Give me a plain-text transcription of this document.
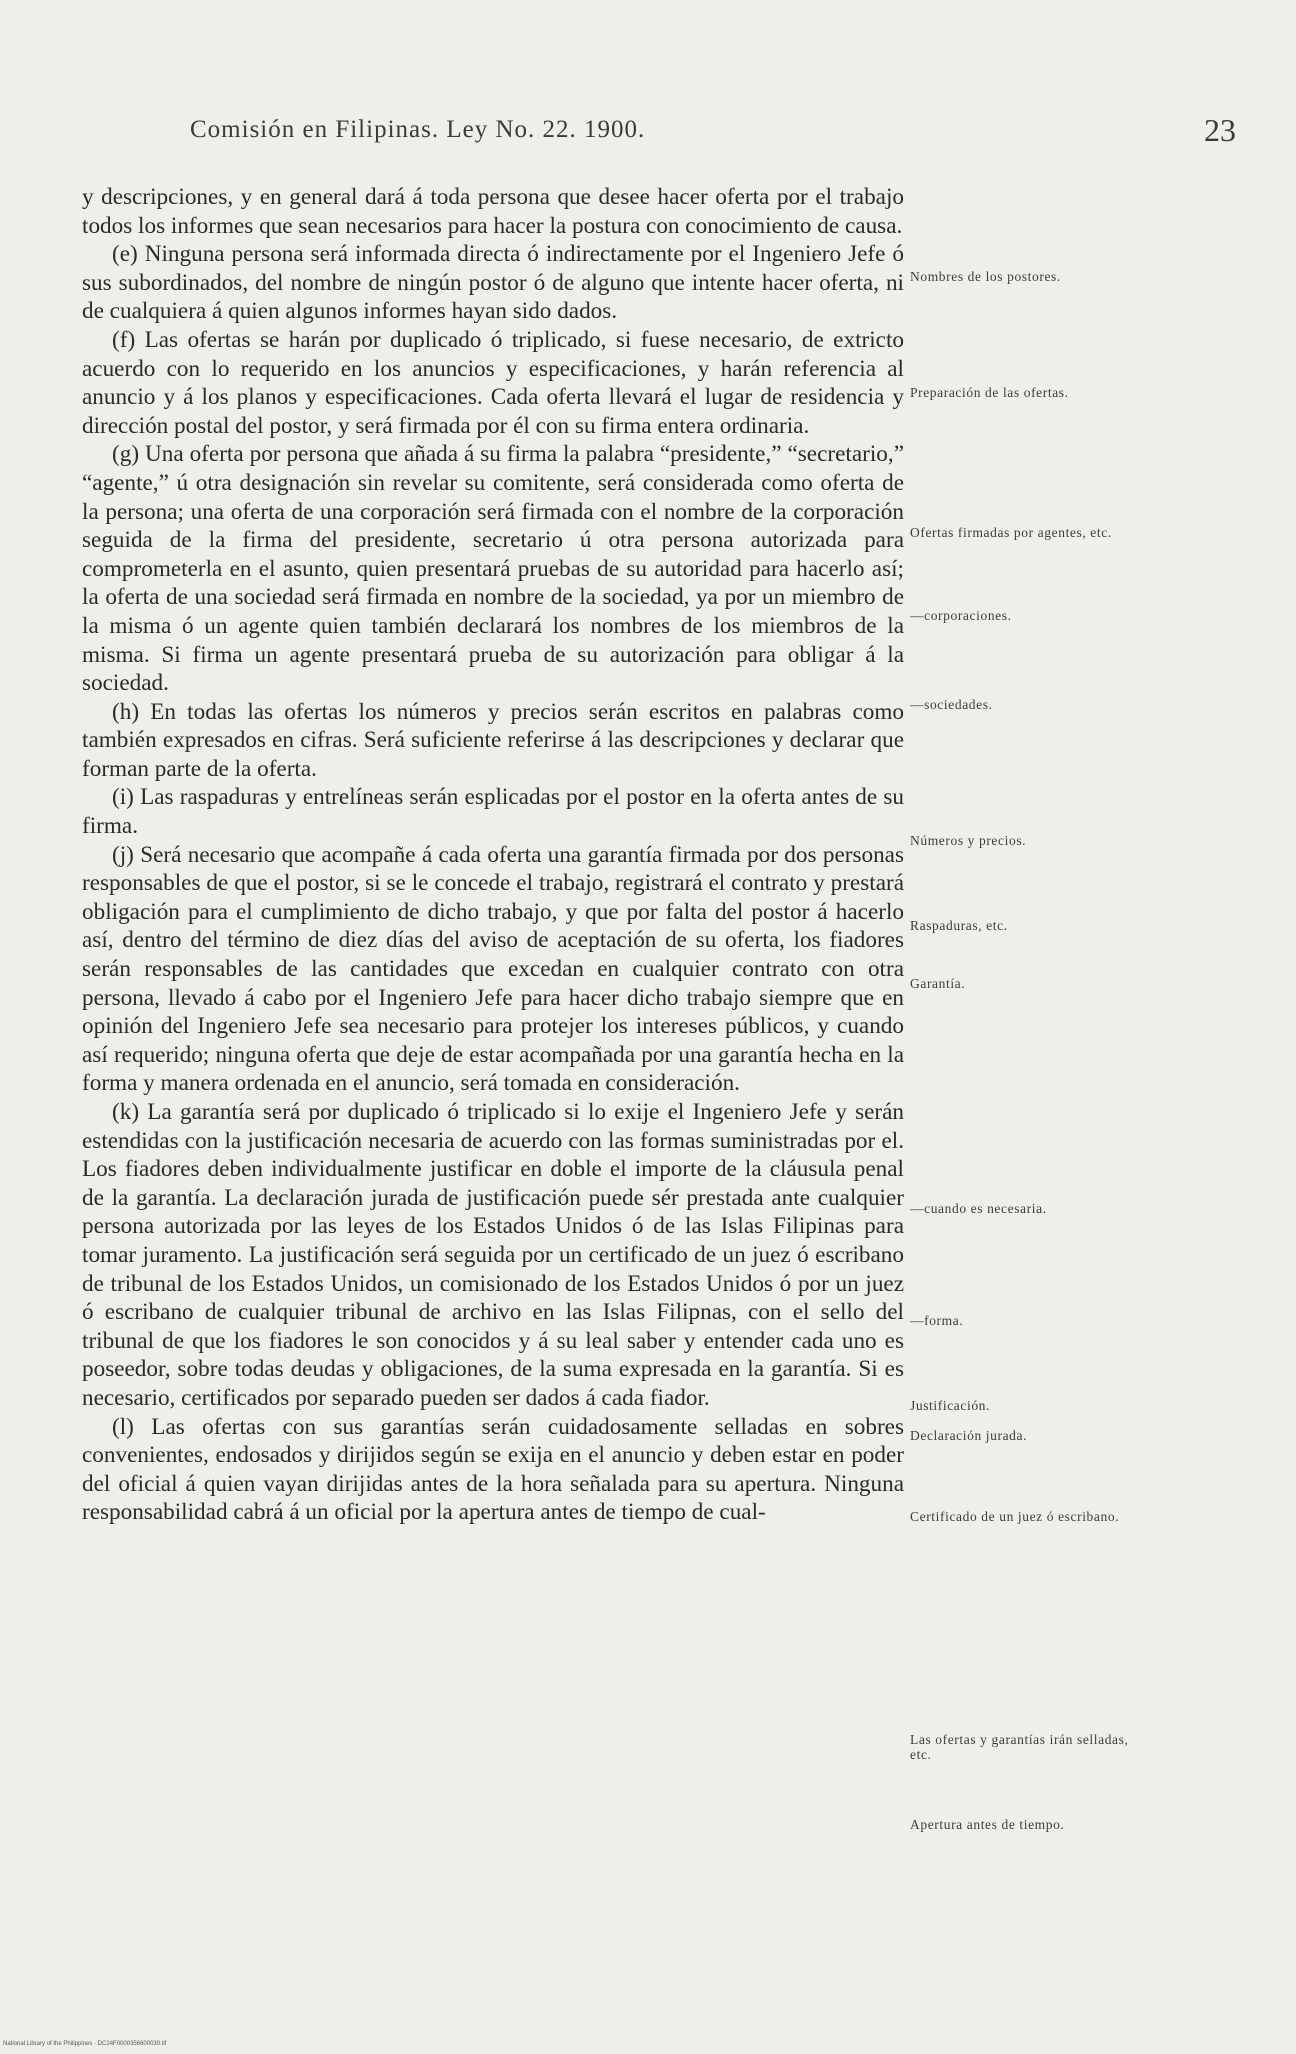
Comisión en Filipinas. Ley No. 22. 1900.	23

y descripciones, y en general dará á toda persona que desee hacer oferta por el trabajo todos los informes que sean necesarios para hacer la postura con conocimiento de causa.

(e) Ninguna persona será informada directa ó indirectamente por el Ingeniero Jefe ó sus subordinados, del nombre de ningún postor ó de alguno que intente hacer oferta, ni de cualquiera á quien algunos informes hayan sido dados.

(f) Las ofertas se harán por duplicado ó triplicado, si fuese necesario, de extricto acuerdo con lo requerido en los anuncios y especificaciones, y harán referencia al anuncio y á los planos y especificaciones. Cada oferta llevará el lugar de residencia y dirección postal del postor, y será firmada por él con su firma entera ordinaria.

(g) Una oferta por persona que añada á su firma la palabra “presidente,” “secretario,” “agente,” ú otra designación sin revelar su comitente, será considerada como oferta de la persona; una oferta de una corporación será firmada con el nombre de la corporación seguida de la firma del presidente, secretario ú otra persona autorizada para comprometerla en el asunto, quien presentará pruebas de su autoridad para hacerlo así; la oferta de una sociedad será firmada en nombre de la sociedad, ya por un miembro de la misma ó un agente quien también declarará los nombres de los miembros de la misma. Si firma un agente presentará prueba de su autorización para obligar á la sociedad.

(h) En todas las ofertas los números y precios serán escritos en palabras como también expresados en cifras. Será suficiente referirse á las descripciones y declarar que forman parte de la oferta.

(i) Las raspaduras y entrelíneas serán esplicadas por el postor en la oferta antes de su firma.

(j) Será necesario que acompañe á cada oferta una garantía firmada por dos personas responsables de que el postor, si se le concede el trabajo, registrará el contrato y prestará obligación para el cumplimiento de dicho trabajo, y que por falta del postor á hacerlo así, dentro del término de diez días del aviso de aceptación de su oferta, los fiadores serán responsables de las cantidades que excedan en cualquier contrato con otra persona, llevado á cabo por el Ingeniero Jefe para hacer dicho trabajo siempre que en opinión del Ingeniero Jefe sea necesario para protejer los intereses públicos, y cuando así requerido; ninguna oferta que deje de estar acompañada por una garantía hecha en la forma y manera ordenada en el anuncio, será tomada en consideración.

(k) La garantía será por duplicado ó triplicado si lo exije el Ingeniero Jefe y serán estendidas con la justificación necesaria de acuerdo con las formas suministradas por el. Los fiadores deben individualmente justificar en doble el importe de la cláusula penal de la garantía. La declaración jurada de justificación puede sér prestada ante cualquier persona autorizada por las leyes de los Estados Unidos ó de las Islas Filipinas para tomar juramento. La justificación será seguida por un certificado de un juez ó escribano de tribunal de los Estados Unidos, un comisionado de los Estados Unidos ó por un juez ó escribano de cualquier tribunal de archivo en las Islas Filipnas, con el sello del tribunal de que los fiadores le son conocidos y á su leal saber y entender cada uno es poseedor, sobre todas deudas y obligaciones, de la suma expresada en la garantía. Si es necesario, certificados por separado pueden ser dados á cada fiador.

(l) Las ofertas con sus garantías serán cuidadosamente selladas en sobres convenientes, endosados y dirijidos según se exija en el anuncio y deben estar en poder del oficial á quien vayan dirijidas antes de la hora señalada para su apertura. Ninguna responsabilidad cabrá á un oficial por la apertura antes de tiempo de cual-

Nombres de los postores.
Preparación de las ofertas.
Ofertas firmadas por agentes, etc.
—corporaciones.
—sociedades.
Números y precios.
Raspaduras, etc.
Garantía.
—cuando es necesaria.
—forma.
Justificación.
Declaración jurada.
Certificado de un juez ó escribano.
Las ofertas y garantías irán selladas, etc.
Apertura antes de tiempo.
National Library of the Philippines · DC24F0000356600030.tif
